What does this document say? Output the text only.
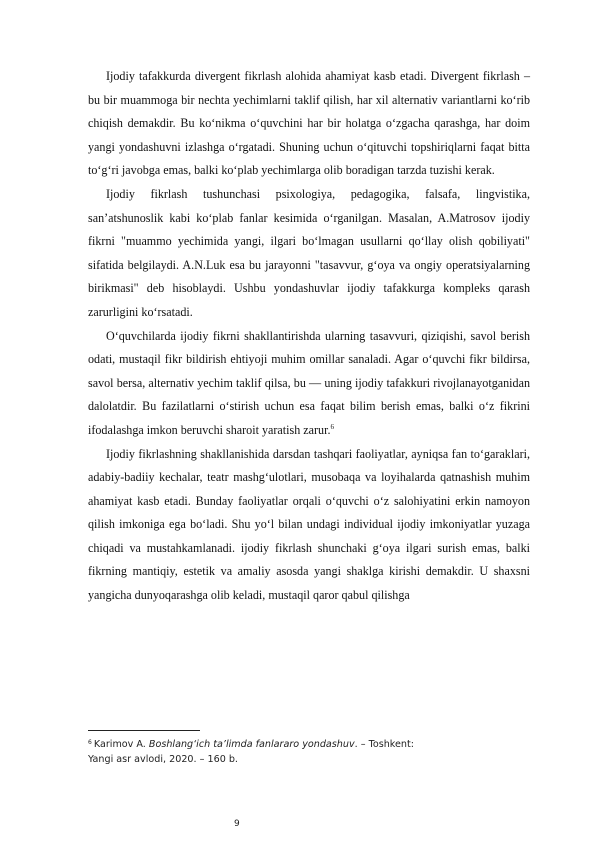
Ijodiy tafakkurda divergent fikrlash alohida ahamiyat kasb etadi. Divergent fikrlash – bu bir muammoga bir nechta yechimlarni taklif qilish, har xil alternativ variantlarni ko‘rib chiqish demakdir. Bu ko‘nikma o‘quvchini har bir holatga o‘zgacha qarashga, har doim yangi yondashuvni izlashga o‘rgatadi. Shuning uchun o‘qituvchi topshiriqlarni faqat bitta to‘g‘ri javobga emas, balki ko‘plab yechimlarga olib boradigan tarzda tuzishi kerak.

Ijodiy fikrlash tushunchasi psixologiya, pedagogika, falsafa, lingvistika, san’atshunoslik kabi ko‘plab fanlar kesimida o‘rganilgan. Masalan, A.Matrosov ijodiy fikrni "muammo yechimida yangi, ilgari bo‘lmagan usullarni qo‘llay olish qobiliyati" sifatida belgilaydi. A.N.Luk esa bu jarayonni "tasavvur, g‘oya va ongiy operatsiyalarning birikmasi" deb hisoblaydi. Ushbu yondashuvlar ijodiy tafakkurga kompleks qarash zarurligini ko‘rsatadi.

O‘quvchilarda ijodiy fikrni shakllantirishda ularning tasavvuri, qiziqishi, savol berish odati, mustaqil fikr bildirish ehtiyoji muhim omillar sanaladi. Agar o‘quvchi fikr bildirsa, savol bersa, alternativ yechim taklif qilsa, bu — uning ijodiy tafakkuri rivojlanayotganidan dalolatdir. Bu fazilatlarni o‘stirish uchun esa faqat bilim berish emas, balki o‘z fikrini ifodalashga imkon beruvchi sharoit yaratish zarur.$^6$

Ijodiy fikrlashning shakllanishida darsdan tashqari faoliyatlar, ayniqsa fan to‘garaklari, adabiy-badiiy kechalar, teatr mashg‘ulotlari, musobaqa va loyihalarda qatnashish muhim ahamiyat kasb etadi. Bunday faoliyatlar orqali o‘quvchi o‘z salohiyatini erkin namoyon qilish imkoniga ega bo‘ladi. Shu yo‘l bilan undagi individual ijodiy imkoniyatlar yuzaga chiqadi va mustahkamlanadi. ijodiy fikrlash shunchaki g‘oya ilgari surish emas, balki fikrning mantiqiy, estetik va amaliy asosda yangi shaklga kirishi demakdir. U shaxsni yangicha dunyoqarashga olib keladi, mustaqil qaror qabul qilishga

$^6$ Karimov A. Boshlang‘ich ta’limda fanlararo yondashuv. – Toshkent: Yangi asr avlodi, 2020. – 160 b.
9
